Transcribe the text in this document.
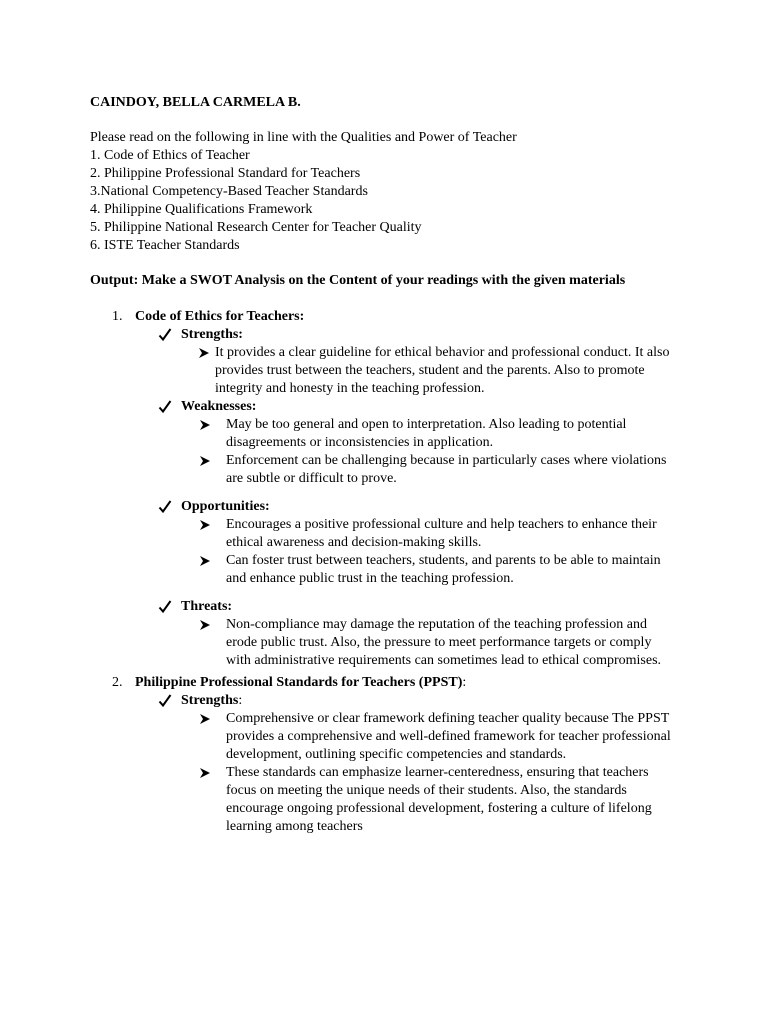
CAINDOY, BELLA CARMELA B.
Please read on the following in line with the Qualities and Power of Teacher
1. Code of Ethics of Teacher
2. Philippine Professional Standard for Teachers
3.National Competency-Based Teacher Standards
4. Philippine Qualifications Framework
5. Philippine National Research Center for Teacher Quality
6. ISTE Teacher Standards
Output: Make a SWOT Analysis on the Content of your readings with the given materials
1. Code of Ethics for Teachers:
Strengths:
It provides a clear guideline for ethical behavior and professional conduct. It also provides trust between the teachers, student and the parents. Also to promote integrity and honesty in the teaching profession.
Weaknesses:
May be too general and open to interpretation. Also leading to potential disagreements or inconsistencies in application.
Enforcement can be challenging because in particularly cases where violations are subtle or difficult to prove.
Opportunities:
Encourages a positive professional culture and help teachers to enhance their ethical awareness and decision-making skills.
Can foster trust between teachers, students, and parents to be able to maintain and enhance public trust in the teaching profession.
Threats:
Non-compliance may damage the reputation of the teaching profession and erode public trust. Also, the pressure to meet performance targets or comply with administrative requirements can sometimes lead to ethical compromises.
2. Philippine Professional Standards for Teachers (PPST):
Strengths:
Comprehensive or clear framework defining teacher quality because The PPST provides a comprehensive and well-defined framework for teacher professional development, outlining specific competencies and standards.
These standards can emphasize learner-centeredness, ensuring that teachers focus on meeting the unique needs of their students. Also, the standards encourage ongoing professional development, fostering a culture of lifelong learning among teachers
